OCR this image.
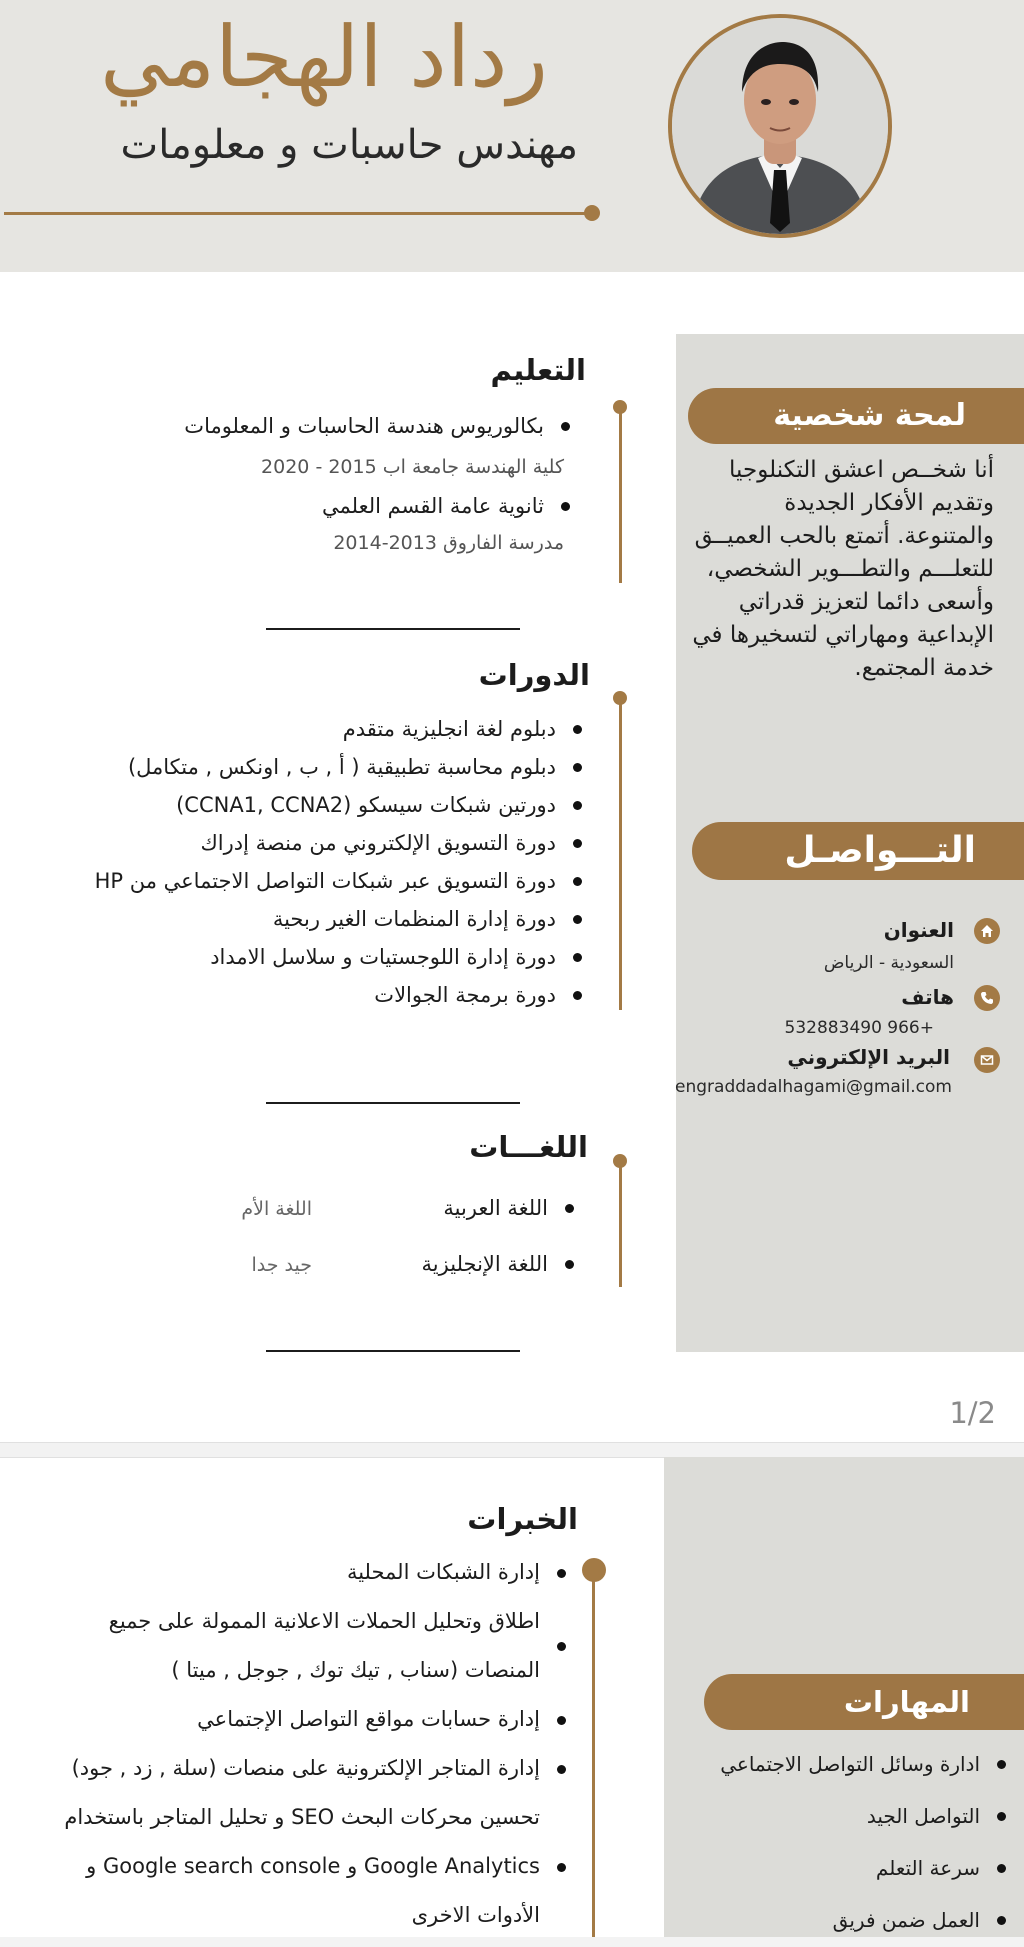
رداد الهجامي
مهندس حاسبات و معلومات
لمحة شخصية
أنا شخــص اعشق التكنلوجيا وتقديم الأفكار الجديدة والمتنوعة. أتمتع بالحب العميــق للتعلـــم والتطـــوير الشخصي، وأسعى دائما لتعزيز قدراتي الإبداعية ومهاراتي لتسخيرها في خدمة المجتمع.
التـــواصـل
العنوان
السعودية - الرياض
هاتف
+966 532883490
البريد الإلكتروني
engraddadalhagami@gmail.com
التعليم
بكالوريوس هندسة الحاسبات و المعلومات
كلية الهندسة جامعة اب 2015 - 2020
ثانوية عامة القسم العلمي
مدرسة الفاروق 2013-2014
الدورات
دبلوم لغة انجليزية متقدم
دبلوم محاسبة تطبيقية ( أ , ب , اونكس , متكامل)
دورتين شبكات سيسكو (CCNA1, CCNA2)
دورة التسويق الإلكتروني من منصة إدراك
دورة التسويق عبر شبكات التواصل الاجتماعي من HP
دورة إدارة المنظمات الغير ربحية
دورة إدارة اللوجستيات و سلاسل الامداد
دورة برمجة الجوالات
اللغـــات
اللغة العربية
اللغة الأم
اللغة الإنجليزية
جيد جدا
1/2
الخبرات
إدارة الشبكات المحلية
اطلاق وتحليل الحملات الاعلانية الممولة على جميع المنصات (سناب , تيك توك , جوجل , ميتا )
إدارة حسابات مواقع التواصل الإجتماعي
إدارة المتاجر الإلكترونية على منصات (سلة , زد , جود)
تحسين محركات البحث SEO و تحليل المتاجر باستخدام Google Analytics و Google search console و الأدوات الاخرى
المهارات
ادارة وسائل التواصل الاجتماعي
التواصل الجيد
سرعة التعلم
العمل ضمن فريق
